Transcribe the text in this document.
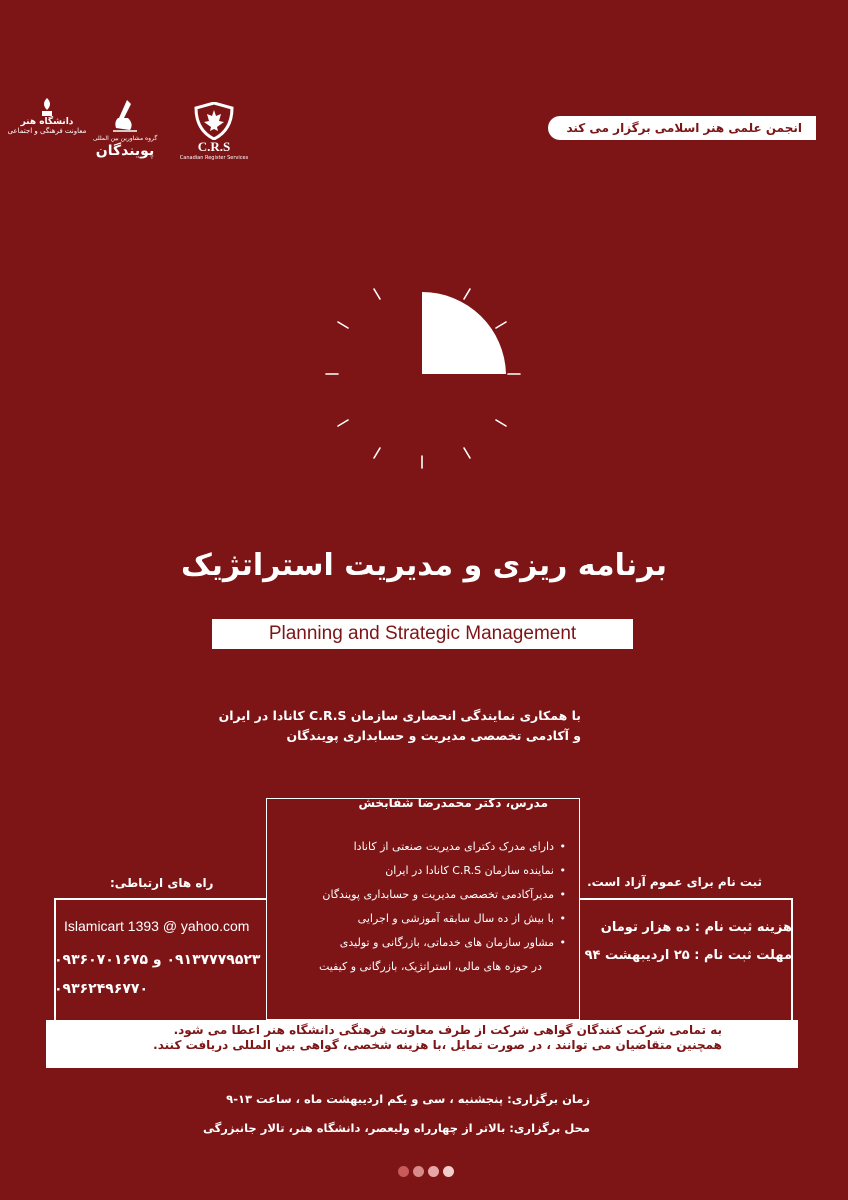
انجمن علمی هنر اسلامی برگزار می کند
C.R.S
Canadian Register Services
گروه مشاورین بین المللی
پویندگان
دانشگاه هنر
معاونت فرهنگی و اجتماعی
برنامه ریزی و مدیریت استراتژیک
Planning and Strategic Management
با همکاری نمایندگی انحصاری سازمان C.R.S کانادا در ایران
و آکادمی تخصصی مدیریت و حسابداری پویندگان
مدرس، دکتر محمدرضا شفابخش
• دارای مدرک دکترای مدیریت صنعتی از کانادا
• نماینده سازمان C.R.S کانادا در ایران
• مدیرآکادمی تخصصی مدیریت و حسابداری پویندگان
• با بیش از ده سال سابقه آموزشی و اجرایی
• مشاور سازمان های خدماتی، بازرگانی و تولیدی
در حوزه های مالی، استراتژیک، بازرگانی و کیفیت
راه های ارتباطی:
Islamicart 1393 @ yahoo.com
۰۹۱۳۷۷۷۹۵۲۳ و ۰۹۳۶۰۷۰۱۶۷۵
۰۹۳۶۲۴۹۶۷۷۰
ثبت نام برای عموم آزاد است.
هزینه ثبت نام : ده هزار تومان
مهلت ثبت نام : ۲۵ اردیبهشت ۹۴
به تمامی شرکت کنندگان گواهی شرکت از طرف معاونت فرهنگی دانشگاه هنر اعطا می شود.
همچنین متقاضیان می توانند ، در صورت تمایل ،با هزینه شخصی، گواهی بین المللی دریافت کنند.
زمان برگزاری: پنجشنبه ، سی و یکم اردیبهشت ماه ، ساعت ۱۳-۹
محل برگزاری: بالاتر از چهارراه ولیعصر، دانشگاه هنر، تالار جانبزرگی
